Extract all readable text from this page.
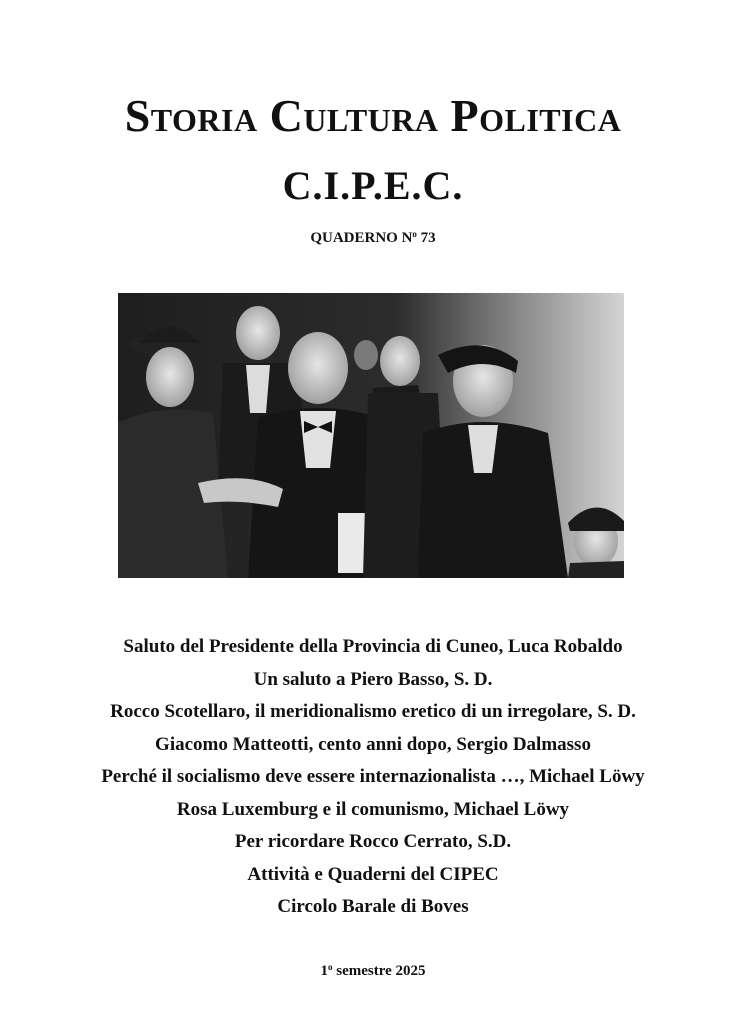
Storia Cultura Politica
C.I.P.E.C.
QUADERNO $N^o$ 73
Saluto del Presidente della Provincia di Cuneo, Luca Robaldo
Un saluto a Piero Basso, S. D.
Rocco Scotellaro, il meridionalismo eretico di un irregolare, S. D.
Giacomo Matteotti, cento anni dopo, Sergio Dalmasso
Perché il socialismo deve essere internazionalista …, Michael Löwy
Rosa Luxemburg e il comunismo, Michael Löwy
Per ricordare Rocco Cerrato, S.D.
Attività e Quaderni del CIPEC
Circolo Barale di Boves
1$^o$ semestre 2025
